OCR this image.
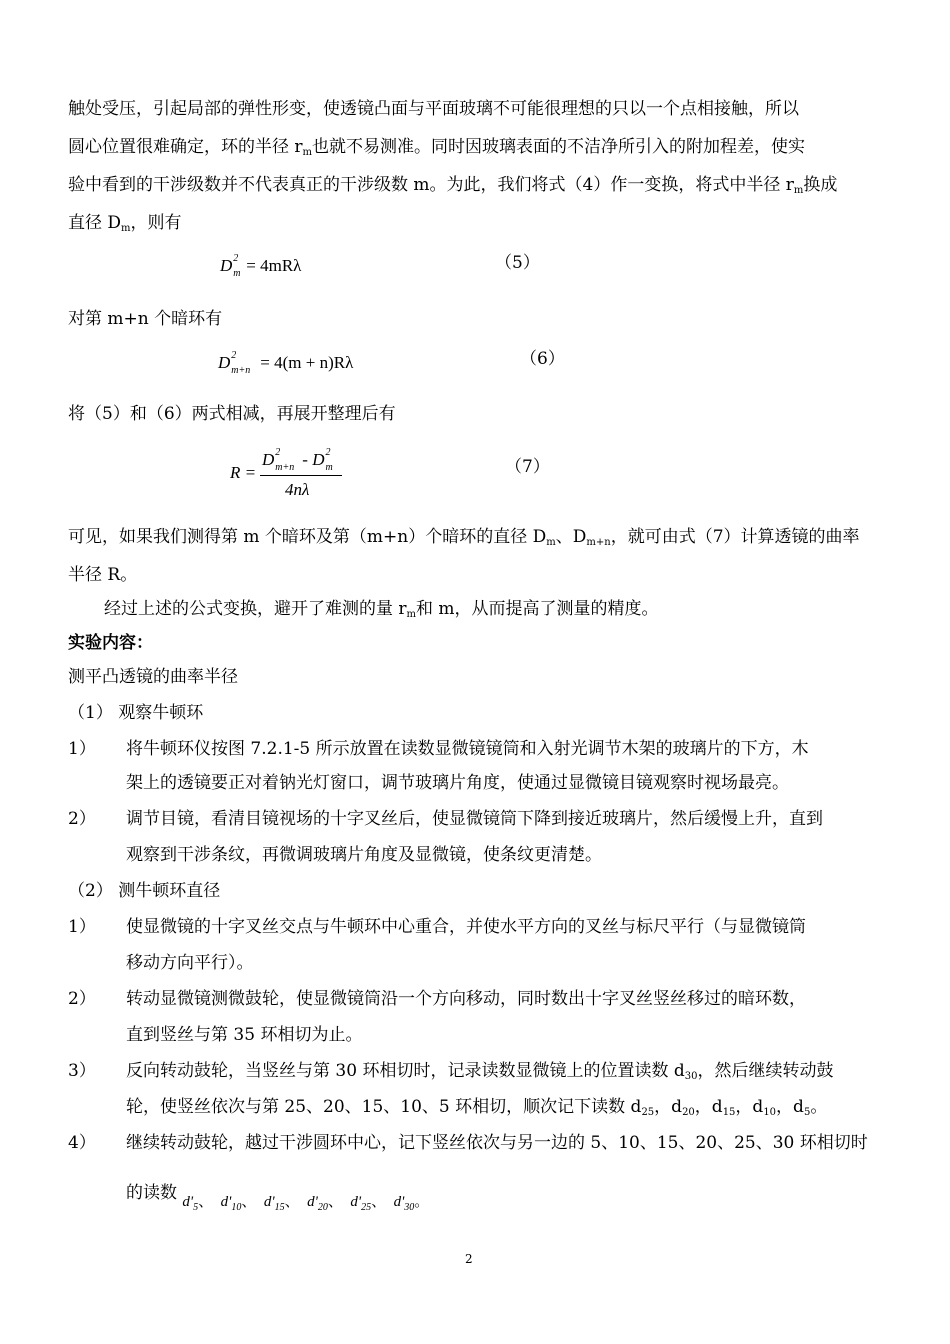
触处受压，引起局部的弹性形变，使透镜凸面与平面玻璃不可能很理想的只以一个点相接触，所以
圆心位置很难确定，环的半径 $r_m$也就不易测准。同时因玻璃表面的不洁净所引入的附加程差，使实
验中看到的干涉级数并不代表真正的干涉级数 m。为此，我们将式（4）作一变换，将式中半径 $r_m$换成
直径 $D_m$，则有
D 2
m = 4mRλ	（5）
对第 m+n 个暗环有
D 2
m+n = 4(m + n)Rλ	（6）
将（5）和（6）两式相减，再展开整理后有
R =
D 2
m+n - D 2
m
4nλ
（7）
可见，如果我们测得第 m 个暗环及第（m+n）个暗环的直径 $D_m$、$D_{m+n}$，就可由式（7）计算透镜的曲率
半径 R。
经过上述的公式变换，避开了难测的量 $r_m$和 m，从而提高了测量的精度。
实验内容：
测平凸透镜的曲率半径
（1） 观察牛顿环
1） 将牛顿环仪按图 7.2.1-5 所示放置在读数显微镜镜筒和入射光调节木架的玻璃片的下方，木
架上的透镜要正对着钠光灯窗口，调节玻璃片角度，使通过显微镜目镜观察时视场最亮。
2） 调节目镜，看清目镜视场的十字叉丝后，使显微镜筒下降到接近玻璃片，然后缓慢上升，直到
观察到干涉条纹，再微调玻璃片角度及显微镜，使条纹更清楚。
（2） 测牛顿环直径
1） 使显微镜的十字叉丝交点与牛顿环中心重合，并使水平方向的叉丝与标尺平行（与显微镜筒
移动方向平行）。
2） 转动显微镜测微鼓轮，使显微镜筒沿一个方向移动，同时数出十字叉丝竖丝移过的暗环数，
直到竖丝与第 35 环相切为止。
3） 反向转动鼓轮，当竖丝与第 30 环相切时，记录读数显微镜上的位置读数 $d_{30}$，然后继续转动鼓
轮，使竖丝依次与第 25、20、15、10、5 环相切，顺次记下读数 $d_{25}$，$d_{20}$，$d_{15}$，$d_{10}$，$d_5$。
4） 继续转动鼓轮，越过干涉圆环中心，记下竖丝依次与另一边的 5、10、15、20、25、30 环相切时
的读数 $d'_5$、 $d'_{10}$、 $d'_{15}$、 $d'_{20}$、 $d'_{25}$、 $d'_{30}$。
2
